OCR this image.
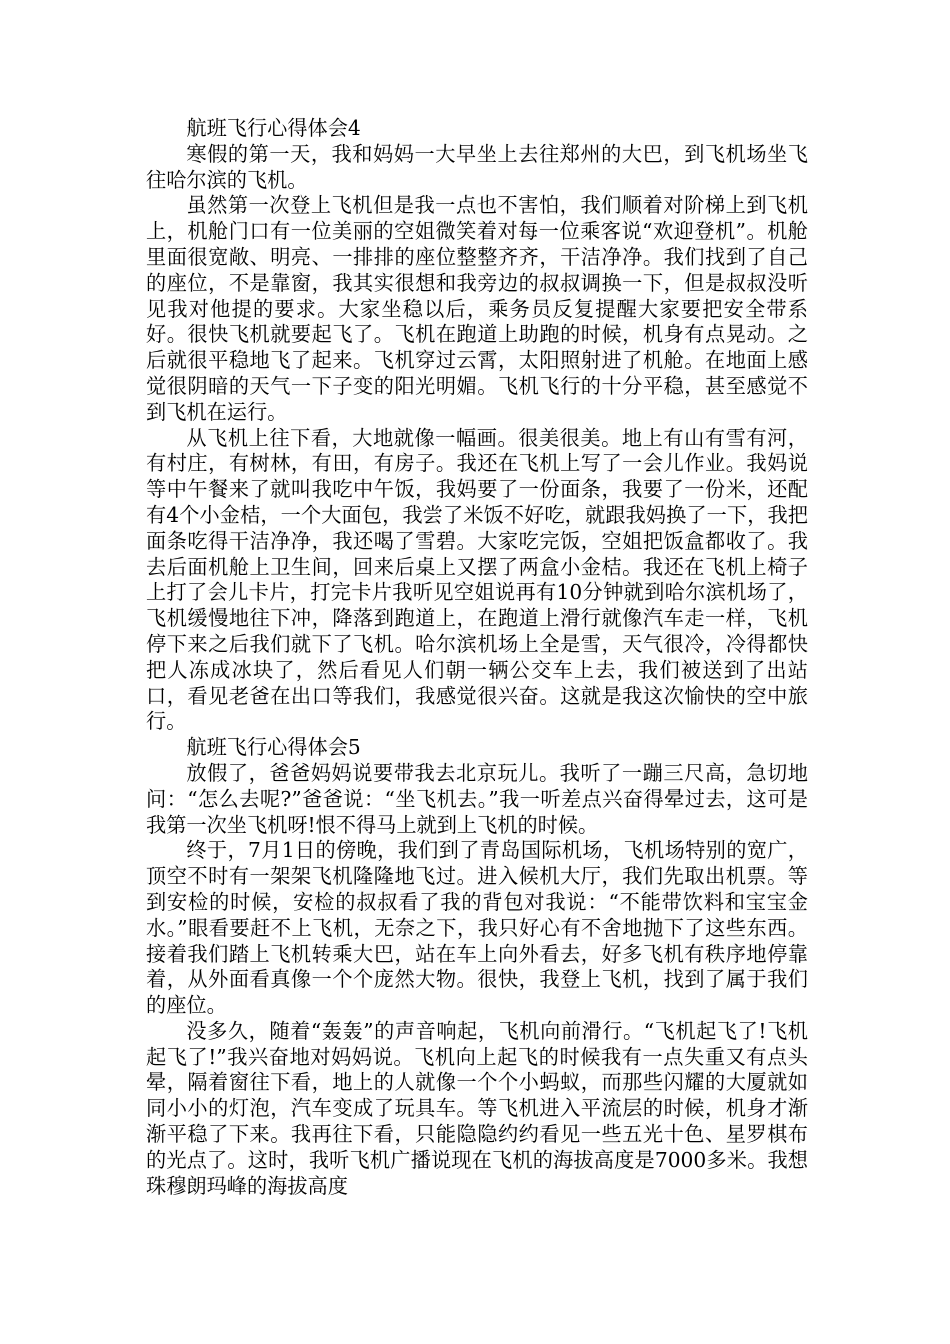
航班飞行心得体会4

寒假的第一天，我和妈妈一大早坐上去往郑州的大巴，到飞机场坐飞往哈尔滨的飞机。

虽然第一次登上飞机但是我一点也不害怕，我们顺着对阶梯上到飞机上，机舱门口有一位美丽的空姐微笑着对每一位乘客说“欢迎登机”。机舱里面很宽敞、明亮、一排排的座位整整齐齐，干洁净净。我们找到了自己的座位，不是靠窗，我其实很想和我旁边的叔叔调换一下，但是叔叔没听见我对他提的要求。大家坐稳以后，乘务员反复提醒大家要把安全带系好。很快飞机就要起飞了。飞机在跑道上助跑的时候，机身有点晃动。之后就很平稳地飞了起来。飞机穿过云霄，太阳照射进了机舱。在地面上感觉很阴暗的天气一下子变的阳光明媚。飞机飞行的十分平稳，甚至感觉不到飞机在运行。

从飞机上往下看，大地就像一幅画。很美很美。地上有山有雪有河，有村庄，有树林，有田，有房子。我还在飞机上写了一会儿作业。我妈说等中午餐来了就叫我吃中午饭，我妈要了一份面条，我要了一份米，还配有4个小金桔，一个大面包，我尝了米饭不好吃，就跟我妈换了一下，我把面条吃得干洁净净，我还喝了雪碧。大家吃完饭，空姐把饭盒都收了。我去后面机舱上卫生间，回来后桌上又摆了两盒小金桔。我还在飞机上椅子上打了会儿卡片，打完卡片我听见空姐说再有10分钟就到哈尔滨机场了，飞机缓慢地往下冲，降落到跑道上，在跑道上滑行就像汽车走一样，飞机停下来之后我们就下了飞机。哈尔滨机场上全是雪，天气很冷，冷得都快把人冻成冰块了，然后看见人们朝一辆公交车上去，我们被送到了出站口，看见老爸在出口等我们，我感觉很兴奋。这就是我这次愉快的空中旅行。

航班飞行心得体会5

放假了，爸爸妈妈说要带我去北京玩儿。我听了一蹦三尺高，急切地问：“怎么去呢?”爸爸说：“坐飞机去。”我一听差点兴奋得晕过去，这可是我第一次坐飞机呀!恨不得马上就到上飞机的时候。

终于，7月1日的傍晚，我们到了青岛国际机场，飞机场特别的宽广，顶空不时有一架架飞机隆隆地飞过。进入候机大厅，我们先取出机票。等到安检的时候，安检的叔叔看了我的背包对我说：“不能带饮料和宝宝金水。”眼看要赶不上飞机，无奈之下，我只好心有不舍地抛下了这些东西。接着我们踏上飞机转乘大巴，站在车上向外看去，好多飞机有秩序地停靠着，从外面看真像一个个庞然大物。很快，我登上飞机，找到了属于我们的座位。

没多久，随着“轰轰”的声音响起，飞机向前滑行。“飞机起飞了!飞机起飞了!”我兴奋地对妈妈说。飞机向上起飞的时候我有一点失重又有点头晕，隔着窗往下看，地上的人就像一个个小蚂蚁，而那些闪耀的大厦就如同小小的灯泡，汽车变成了玩具车。等飞机进入平流层的时候，机身才渐渐平稳了下来。我再往下看，只能隐隐约约看见一些五光十色、星罗棋布的光点了。这时，我听飞机广播说现在飞机的海拔高度是7000多米。我想珠穆朗玛峰的海拔高度
